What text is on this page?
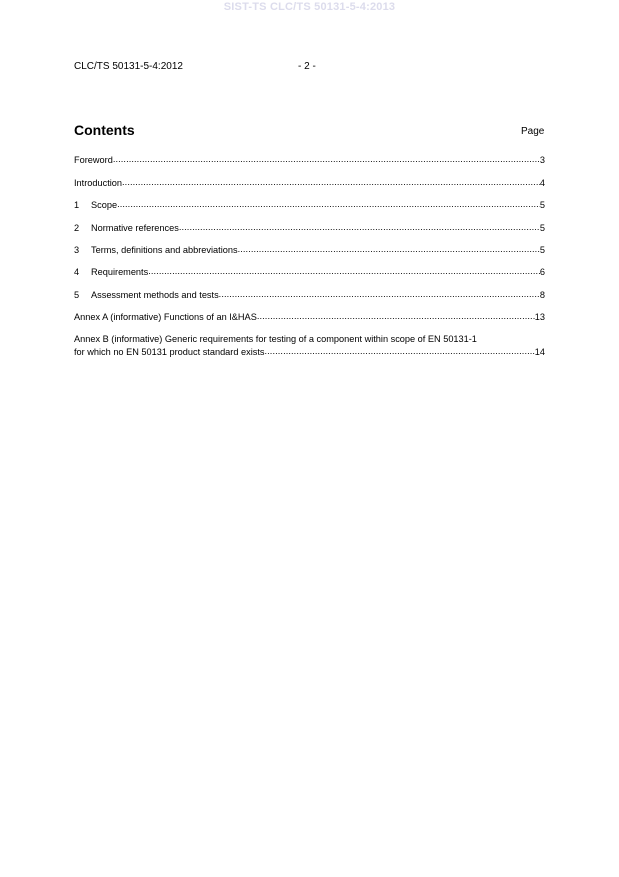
SIST-TS CLC/TS 50131-5-4:2013
CLC/TS 50131-5-4:2012	- 2 -
Contents	Page
Foreword .....	3
Introduction .....	4
1 Scope .....	5
2 Normative references .....	5
3 Terms, definitions and abbreviations .....	5
4 Requirements .....	6
5 Assessment methods and tests .....	8
Annex A (informative) Functions of an I&HAS .....	13
Annex B (informative) Generic requirements for testing of a component within scope of EN 50131-1
for which no EN 50131 product standard exists .....	14
